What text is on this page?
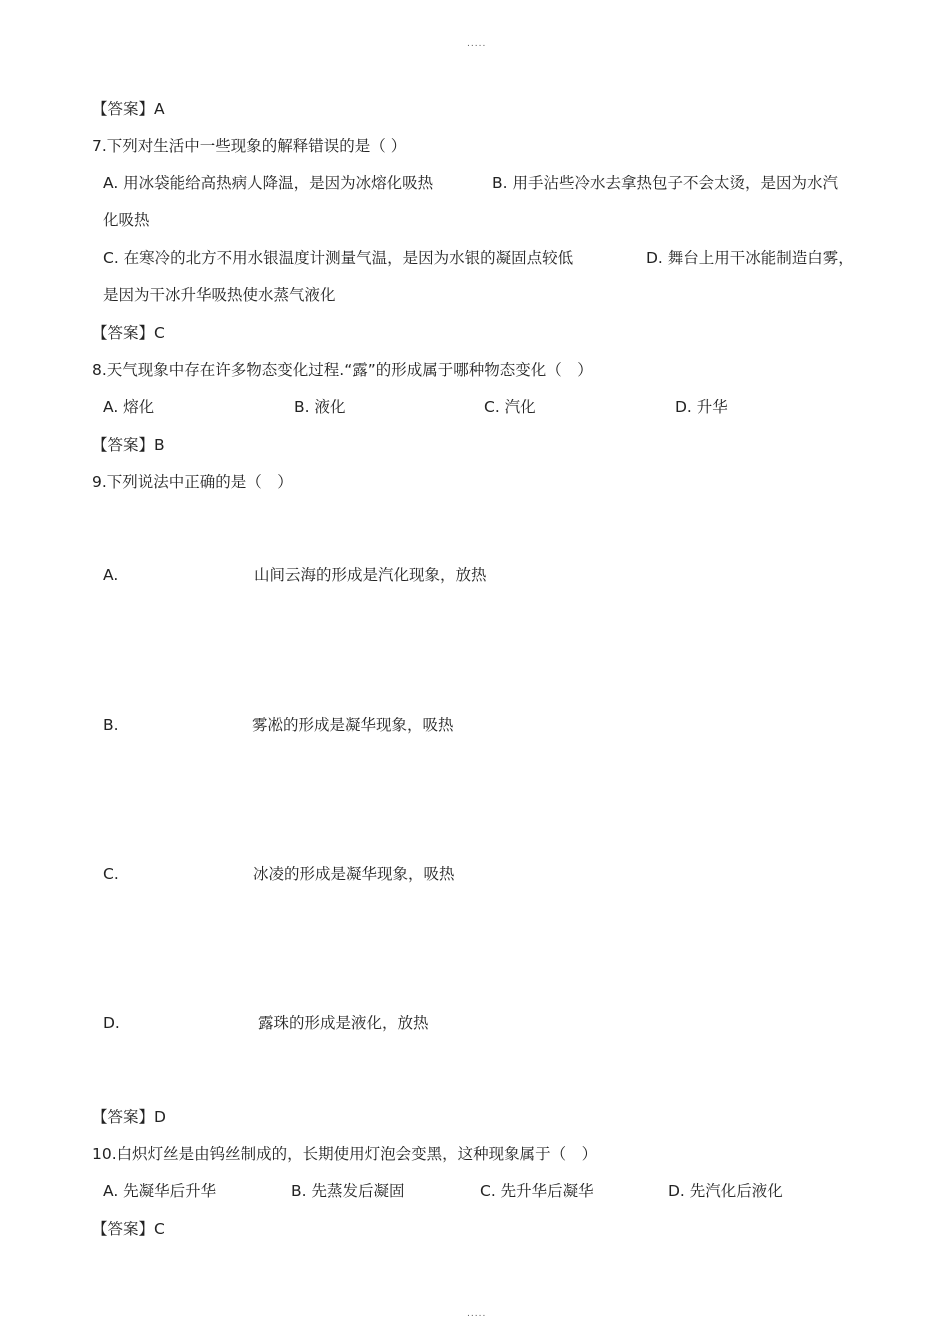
.....
【答案】A
7.下列对生活中一些现象的解释错误的是（ ）
A. 用冰袋能给高热病人降温，是因为冰熔化吸热	B. 用手沾些冷水去拿热包子不会太烫，是因为水汽
化吸热
C. 在寒冷的北方不用水银温度计测量气温，是因为水银的凝固点较低	D. 舞台上用干冰能制造白雾，
是因为干冰升华吸热使水蒸气液化
【答案】C
8.天气现象中存在许多物态变化过程.“露”的形成属于哪种物态变化（　）
A. 熔化	B. 液化	C. 汽化	D. 升华
【答案】B
9.下列说法中正确的是（　）
A.	山间云海的形成是汽化现象，放热
B.	雾凇的形成是凝华现象，吸热
C.	冰凌的形成是凝华现象，吸热
D.	露珠的形成是液化，放热
【答案】D
10.白炽灯丝是由钨丝制成的，长期使用灯泡会变黑，这种现象属于（　）
A. 先凝华后升华	B. 先蒸发后凝固	C. 先升华后凝华	D. 先汽化后液化
【答案】C
.....
